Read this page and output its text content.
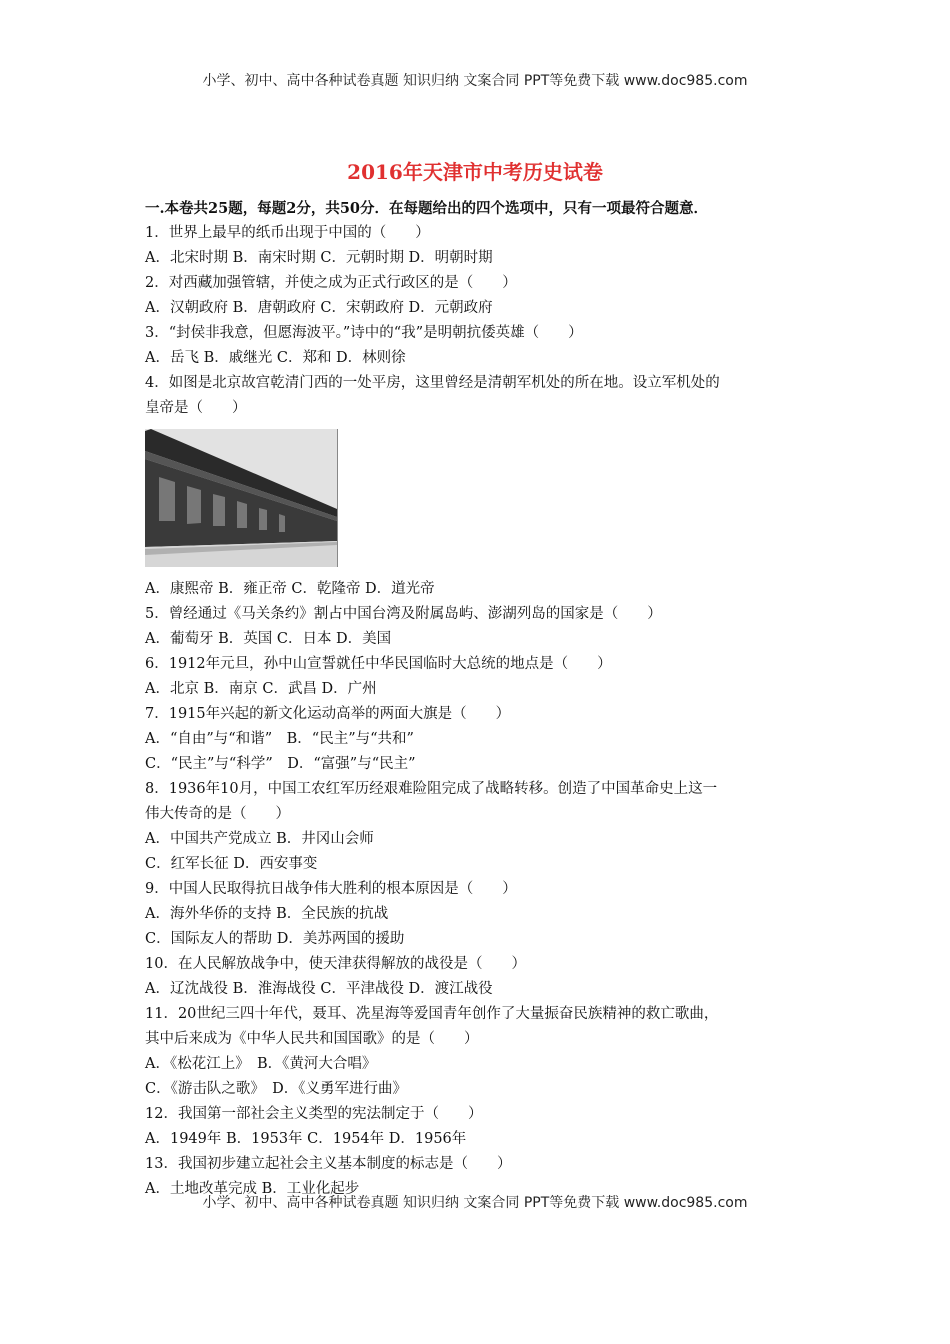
小学、初中、高中各种试卷真题 知识归纳 文案合同 PPT等免费下载 www.doc985.com
2016年天津市中考历史试卷
一.本卷共25题，每题2分，共50分．在每题给出的四个选项中，只有一项最符合题意．
1．世界上最早的纸币出现于中国的（　　）
A．北宋时期 B．南宋时期 C．元朝时期 D．明朝时期
2．对西藏加强管辖，并使之成为正式行政区的是（　　）
A．汉朝政府 B．唐朝政府 C．宋朝政府 D．元朝政府
3．“封侯非我意，但愿海波平。”诗中的“我”是明朝抗倭英雄（　　）
A．岳飞 B．戚继光 C．郑和 D．林则徐
4．如图是北京故宫乾清门西的一处平房，这里曾经是清朝军机处的所在地。设立军机处的
皇帝是（　　）
A．康熙帝 B．雍正帝 C．乾隆帝 D．道光帝
5．曾经通过《马关条约》割占中国台湾及附属岛屿、澎湖列岛的国家是（　　）
A．葡萄牙 B．英国 C．日本 D．美国
6．1912年元旦，孙中山宣誓就任中华民国临时大总统的地点是（　　）
A．北京 B．南京 C．武昌 D．广州
7．1915年兴起的新文化运动高举的两面大旗是（　　）
A．“自由”与“和谐”　B．“民主”与“共和”
C．“民主”与“科学”　D．“富强”与“民主”
8．1936年10月，中国工农红军历经艰难险阻完成了战略转移。创造了中国革命史上这一
伟大传奇的是（　　）
A．中国共产党成立 B．井冈山会师
C．红军长征 D．西安事变
9．中国人民取得抗日战争伟大胜利的根本原因是（　　）
A．海外华侨的支持 B．全民族的抗战
C．国际友人的帮助 D．美苏两国的援助
10．在人民解放战争中，使天津获得解放的战役是（　　）
A．辽沈战役 B．淮海战役 C．平津战役 D．渡江战役
11．20世纪三四十年代，聂耳、冼星海等爱国青年创作了大量振奋民族精神的救亡歌曲，
其中后来成为《中华人民共和国国歌》的是（　　）
A．《松花江上》　B．《黄河大合唱》
C．《游击队之歌》　D．《义勇军进行曲》
12．我国第一部社会主义类型的宪法制定于（　　）
A．1949年 B．1953年 C．1954年 D．1956年
13．我国初步建立起社会主义基本制度的标志是（　　）
A．土地改革完成 B．工业化起步
小学、初中、高中各种试卷真题 知识归纳 文案合同 PPT等免费下载 www.doc985.com
